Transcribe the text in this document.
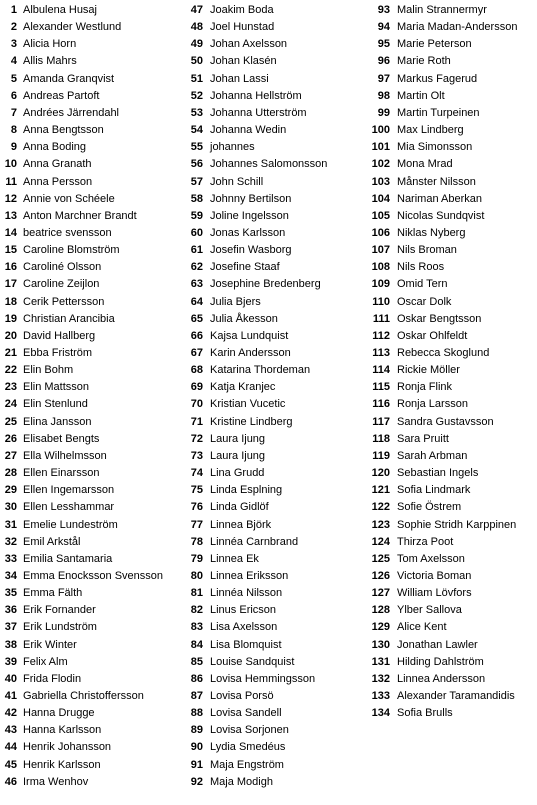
1 Albulena Husaj
2 Alexander Westlund
3 Alicia Horn
4 Allis Mahrs
5 Amanda Granqvist
6 Andreas Partoft
7 Andrées Järrendahl
8 Anna Bengtsson
9 Anna Boding
10 Anna Granath
11 Anna Persson
12 Annie von Schéele
13 Anton Marchner Brandt
14 beatrice svensson
15 Caroline Blomström
16 Caroliné Olsson
17 Caroline Zeijlon
18 Cerik Pettersson
19 Christian Arancibia
20 David Hallberg
21 Ebba Friström
22 Elin Bohm
23 Elin Mattsson
24 Elin Stenlund
25 Elina Jansson
26 Elisabet Bengts
27 Ella Wilhelmsson
28 Ellen Einarsson
29 Ellen Ingemarsson
30 Ellen Lesshammar
31 Emelie Lundeström
32 Emil Arkstål
33 Emilia Santamaria
34 Emma Enocksson Svensson
35 Emma Fälth
36 Erik Fornander
37 Erik Lundström
38 Erik Winter
39 Felix Alm
40 Frida Flodin
41 Gabriella Christoffersson
42 Hanna Drugge
43 Hanna Karlsson
44 Henrik Johansson
45 Henrik Karlsson
46 Irma Wenhov
47 Joakim Boda
48 Joel Hunstad
49 Johan Axelsson
50 Johan Klasén
51 Johan Lassi
52 Johanna Hellström
53 Johanna Utterström
54 Johanna Wedin
55 johannes
56 Johannes Salomonsson
57 John Schill
58 Johnny Bertilson
59 Joline Ingelsson
60 Jonas Karlsson
61 Josefin Wasborg
62 Josefine Staaf
63 Josephine Bredenberg
64 Julia Bjers
65 Julia Åkesson
66 Kajsa Lundquist
67 Karin Andersson
68 Katarina Thordeman
69 Katja Kranjec
70 Kristian Vucetic
71 Kristine Lindberg
72 Laura Ijung
73 Laura Ijung
74 Lina Grudd
75 Linda Esplning
76 Linda Gidlöf
77 Linnea Björk
78 Linnéa Carnbrand
79 Linnea Ek
80 Linnea Eriksson
81 Linnéa Nilsson
82 Linus Ericson
83 Lisa Axelsson
84 Lisa Blomquist
85 Louise Sandquist
86 Lovisa Hemmingsson
87 Lovisa Porsö
88 Lovisa Sandell
89 Lovisa Sorjonen
90 Lydia Smedéus
91 Maja Engström
92 Maja Modigh
93 Malin Strannermyr
94 Maria Madan-Andersson
95 Marie Peterson
96 Marie Roth
97 Markus Fagerud
98 Martin Olt
99 Martin Turpeinen
100 Max Lindberg
101 Mia Simonsson
102 Mona Mrad
103 Månster Nilsson
104 Nariman Aberkan
105 Nicolas Sundqvist
106 Niklas Nyberg
107 Nils Broman
108 Nils Roos
109 Omid Tern
110 Oscar Dolk
111 Oskar Bengtsson
112 Oskar Ohlfeldt
113 Rebecca Skoglund
114 Rickie Möller
115 Ronja Flink
116 Ronja Larsson
117 Sandra Gustavsson
118 Sara Pruitt
119 Sarah Arbman
120 Sebastian Ingels
121 Sofia Lindmark
122 Sofie Östrem
123 Sophie Stridh Karppinen
124 Thirza Poot
125 Tom Axelsson
126 Victoria Boman
127 William Lövfors
128 Ylber Sallova
129 Alice Kent
130 Jonathan Lawler
131 Hilding Dahlström
132 Linnea Andersson
133 Alexander Taramandidis
134 Sofia Brulls
